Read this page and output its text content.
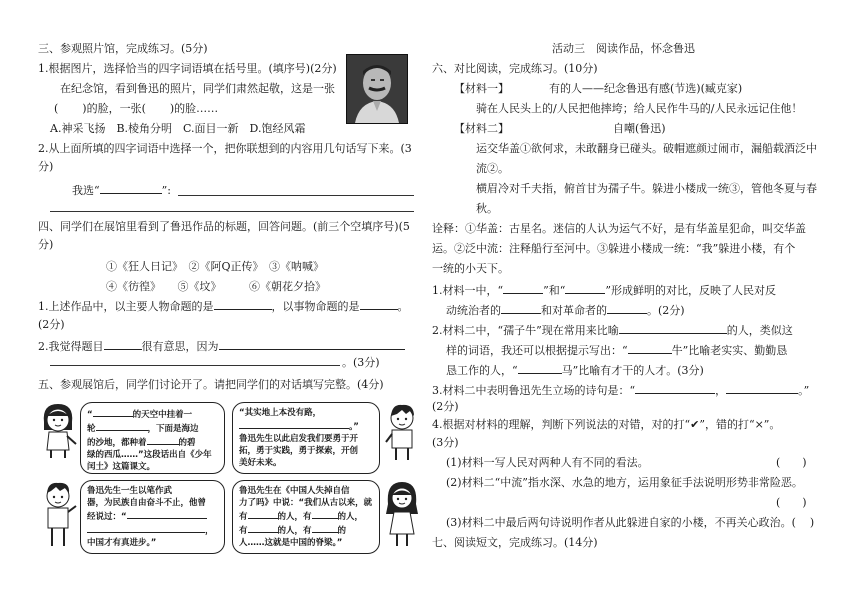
三、参观照片馆，完成练习。(5分)
1.根据图片，选择恰当的四字词语填在括号里。(填序号)(2分)
在纪念馆，看到鲁迅的照片，同学们肃然起敬，这是一张
( )的脸，一张( )的脸……
A.神采飞扬　B.棱角分明　C.面目一新　D.饱经风霜
2.从上面所填的四字词语中选择一个，把你联想到的内容用几句话写下来。(3
分)
我选“	”:
四、同学们在展馆里看到了鲁迅作品的标题，回答问题。(前三个空填序号)(5
分)
①《狂人日记》　②《阿Q正传》　③《呐喊》
④《彷徨》　　⑤《坟》　　　⑥《朝花夕拾》
1.上述作品中，以主要人物命题的是	，以事物命题的是	。
(2分)
2.我觉得题目	很有意思，因为
。(3分)
五、参观展馆后，同学们讨论开了。请把同学们的对话填写完整。(4分)
“	的天空中挂着一
轮	，下面是海边
的沙地，都种着	的碧
绿的西瓜……”这段话出自《少年
闰土》这篇课文。
“其实地上本没有路，
。”
鲁迅先生以此启发我们要勇于开
拓，勇于实践，勇于探索，开创
美好未来。
鲁迅先生一生以笔作武
器，为民族自由奋斗不止，他曾
经说过：“
，
中国才有真进步。”
鲁迅先生在《中国人失掉自信
力了吗》中说：“我们从古以来，就
有	的人，有	的人，
有	的人，有	的
人……这就是中国的脊梁。”
活动三　阅读作品，怀念鲁迅
六、对比阅读，完成练习。(10分)
【材料一】	有的人——纪念鲁迅有感(节选)(臧克家)
骑在人民头上的/人民把他摔垮；给人民作牛马的/人民永远记住他！
【材料二】	自嘲(鲁迅)
运交华盖①欲何求，未敢翻身已碰头。破帽遮颜过闹市，漏船载酒泛中
流②。
横眉冷对千夫指，俯首甘为孺子牛。躲进小楼成一统③，管他冬夏与春
秋。
诠释：①华盖：古星名。迷信的人认为运气不好，是有华盖星犯命，叫交华盖
运。②泛中流：注释船行至河中。③躲进小楼成一统：“我”躲进小楼，有个
一统的小天下。
1.材料一中，“	”和“	”形成鲜明的对比，反映了人民对反
动统治者的	和对革命者的	。(2分)
2.材料二中，“孺子牛”现在常用来比喻	的人，类似这
样的词语，我还可以根据提示写出：“	牛”比喻老实实、勤勤恳
恳工作的人，“	马”比喻有才干的人才。(3分)
3.材料二中表明鲁迅先生立场的诗句是：“	，	。”
(2分)
4.根据对材料的理解，判断下列说法的对错，对的打“✔”，错的打“×”。
(3分)
(1)材料一写人民对两种人有不同的看法。	(　　)
(2)材料二“中流”指水深、水急的地方，运用象征手法说明形势非常险恶。
(　　)
(3)材料二中最后两句诗说明作者从此躲进自家的小楼，不再关心政治。( )
七、阅读短文，完成练习。(14分)
